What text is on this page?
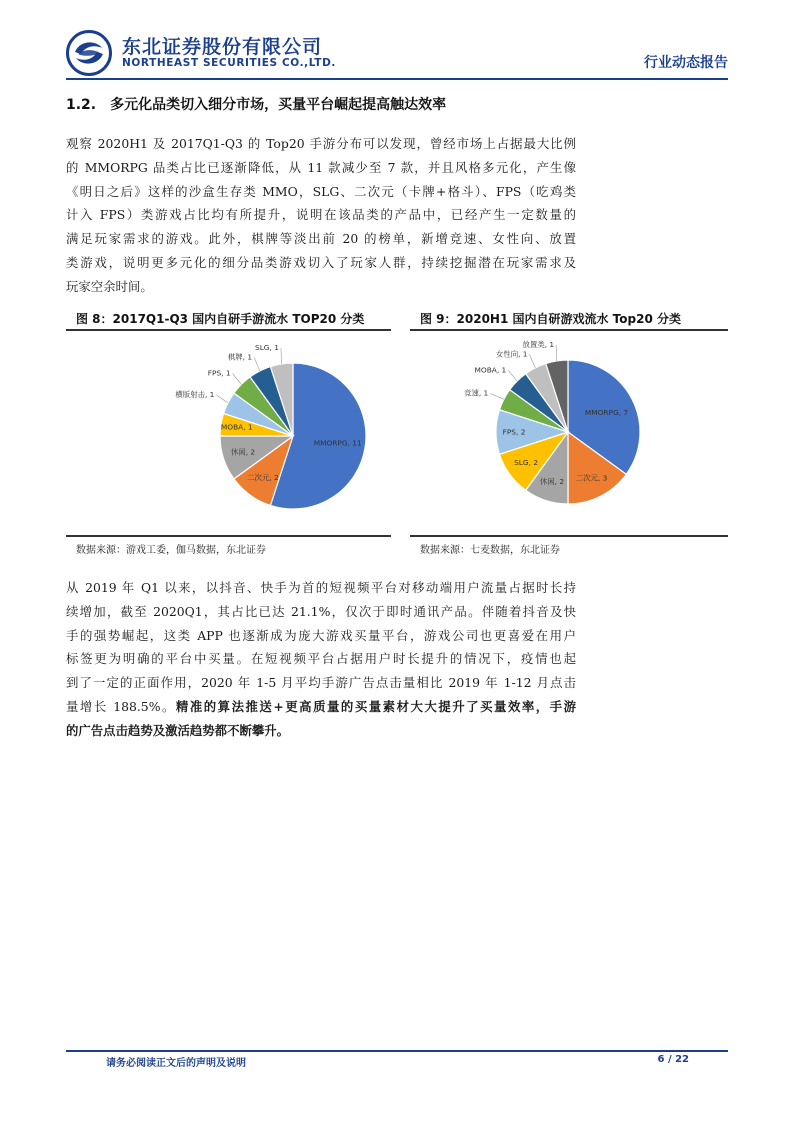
东北证券股份有限公司
NORTHEAST SECURITIES CO.,LTD.	行业动态报告
1.2. 多元化品类切入细分市场，买量平台崛起提高触达效率
观察 2020H1 及 2017Q1-Q3 的 Top20 手游分布可以发现，曾经市场上占据最大比例
的 MMORPG 品类占比已逐渐降低，从 11 款减少至 7 款，并且风格多元化，产生像
《明日之后》这样的沙盒生存类 MMO，SLG、二次元（卡牌+格斗）、FPS（吃鸡类
计入 FPS）类游戏占比均有所提升，说明在该品类的产品中，已经产生一定数量的
满足玩家需求的游戏。此外，棋牌等淡出前 20 的榜单，新增竞速、女性向、放置
类游戏，说明更多元化的细分品类游戏切入了玩家人群，持续挖掘潜在玩家需求及
玩家空余时间。
图 8：2017Q1-Q3 国内自研手游流水 TOP20 分类	图 9：2020H1 国内自研游戏流水 Top20 分类
MMORPG, 11
二次元, 2
休闲, 2
MOBA, 1
横版射击, 1
FPS, 1
棋牌, 1
SLG, 1
MMORPG, 7
二次元, 3
休闲, 2
SLG, 2
FPS, 2
竞速, 1
MOBA, 1
女性向, 1
放置类, 1
数据来源：游戏工委，伽马数据，东北证券	数据来源：七麦数据，东北证券
从 2019 年 Q1 以来，以抖音、快手为首的短视频平台对移动端用户流量占据时长持
续增加，截至 2020Q1，其占比已达 21.1%，仅次于即时通讯产品。伴随着抖音及快
手的强势崛起，这类 APP 也逐渐成为庞大游戏买量平台，游戏公司也更喜爱在用户
标签更为明确的平台中买量。在短视频平台占据用户时长提升的情况下，疫情也起
到了一定的正面作用，2020 年 1-5 月平均手游广告点击量相比 2019 年 1-12 月点击
量增长 188.5%。精准的算法推送+更高质量的买量素材大大提升了买量效率，手游
的广告点击趋势及激活趋势都不断攀升。
请务必阅读正文后的声明及说明	6 / 22
